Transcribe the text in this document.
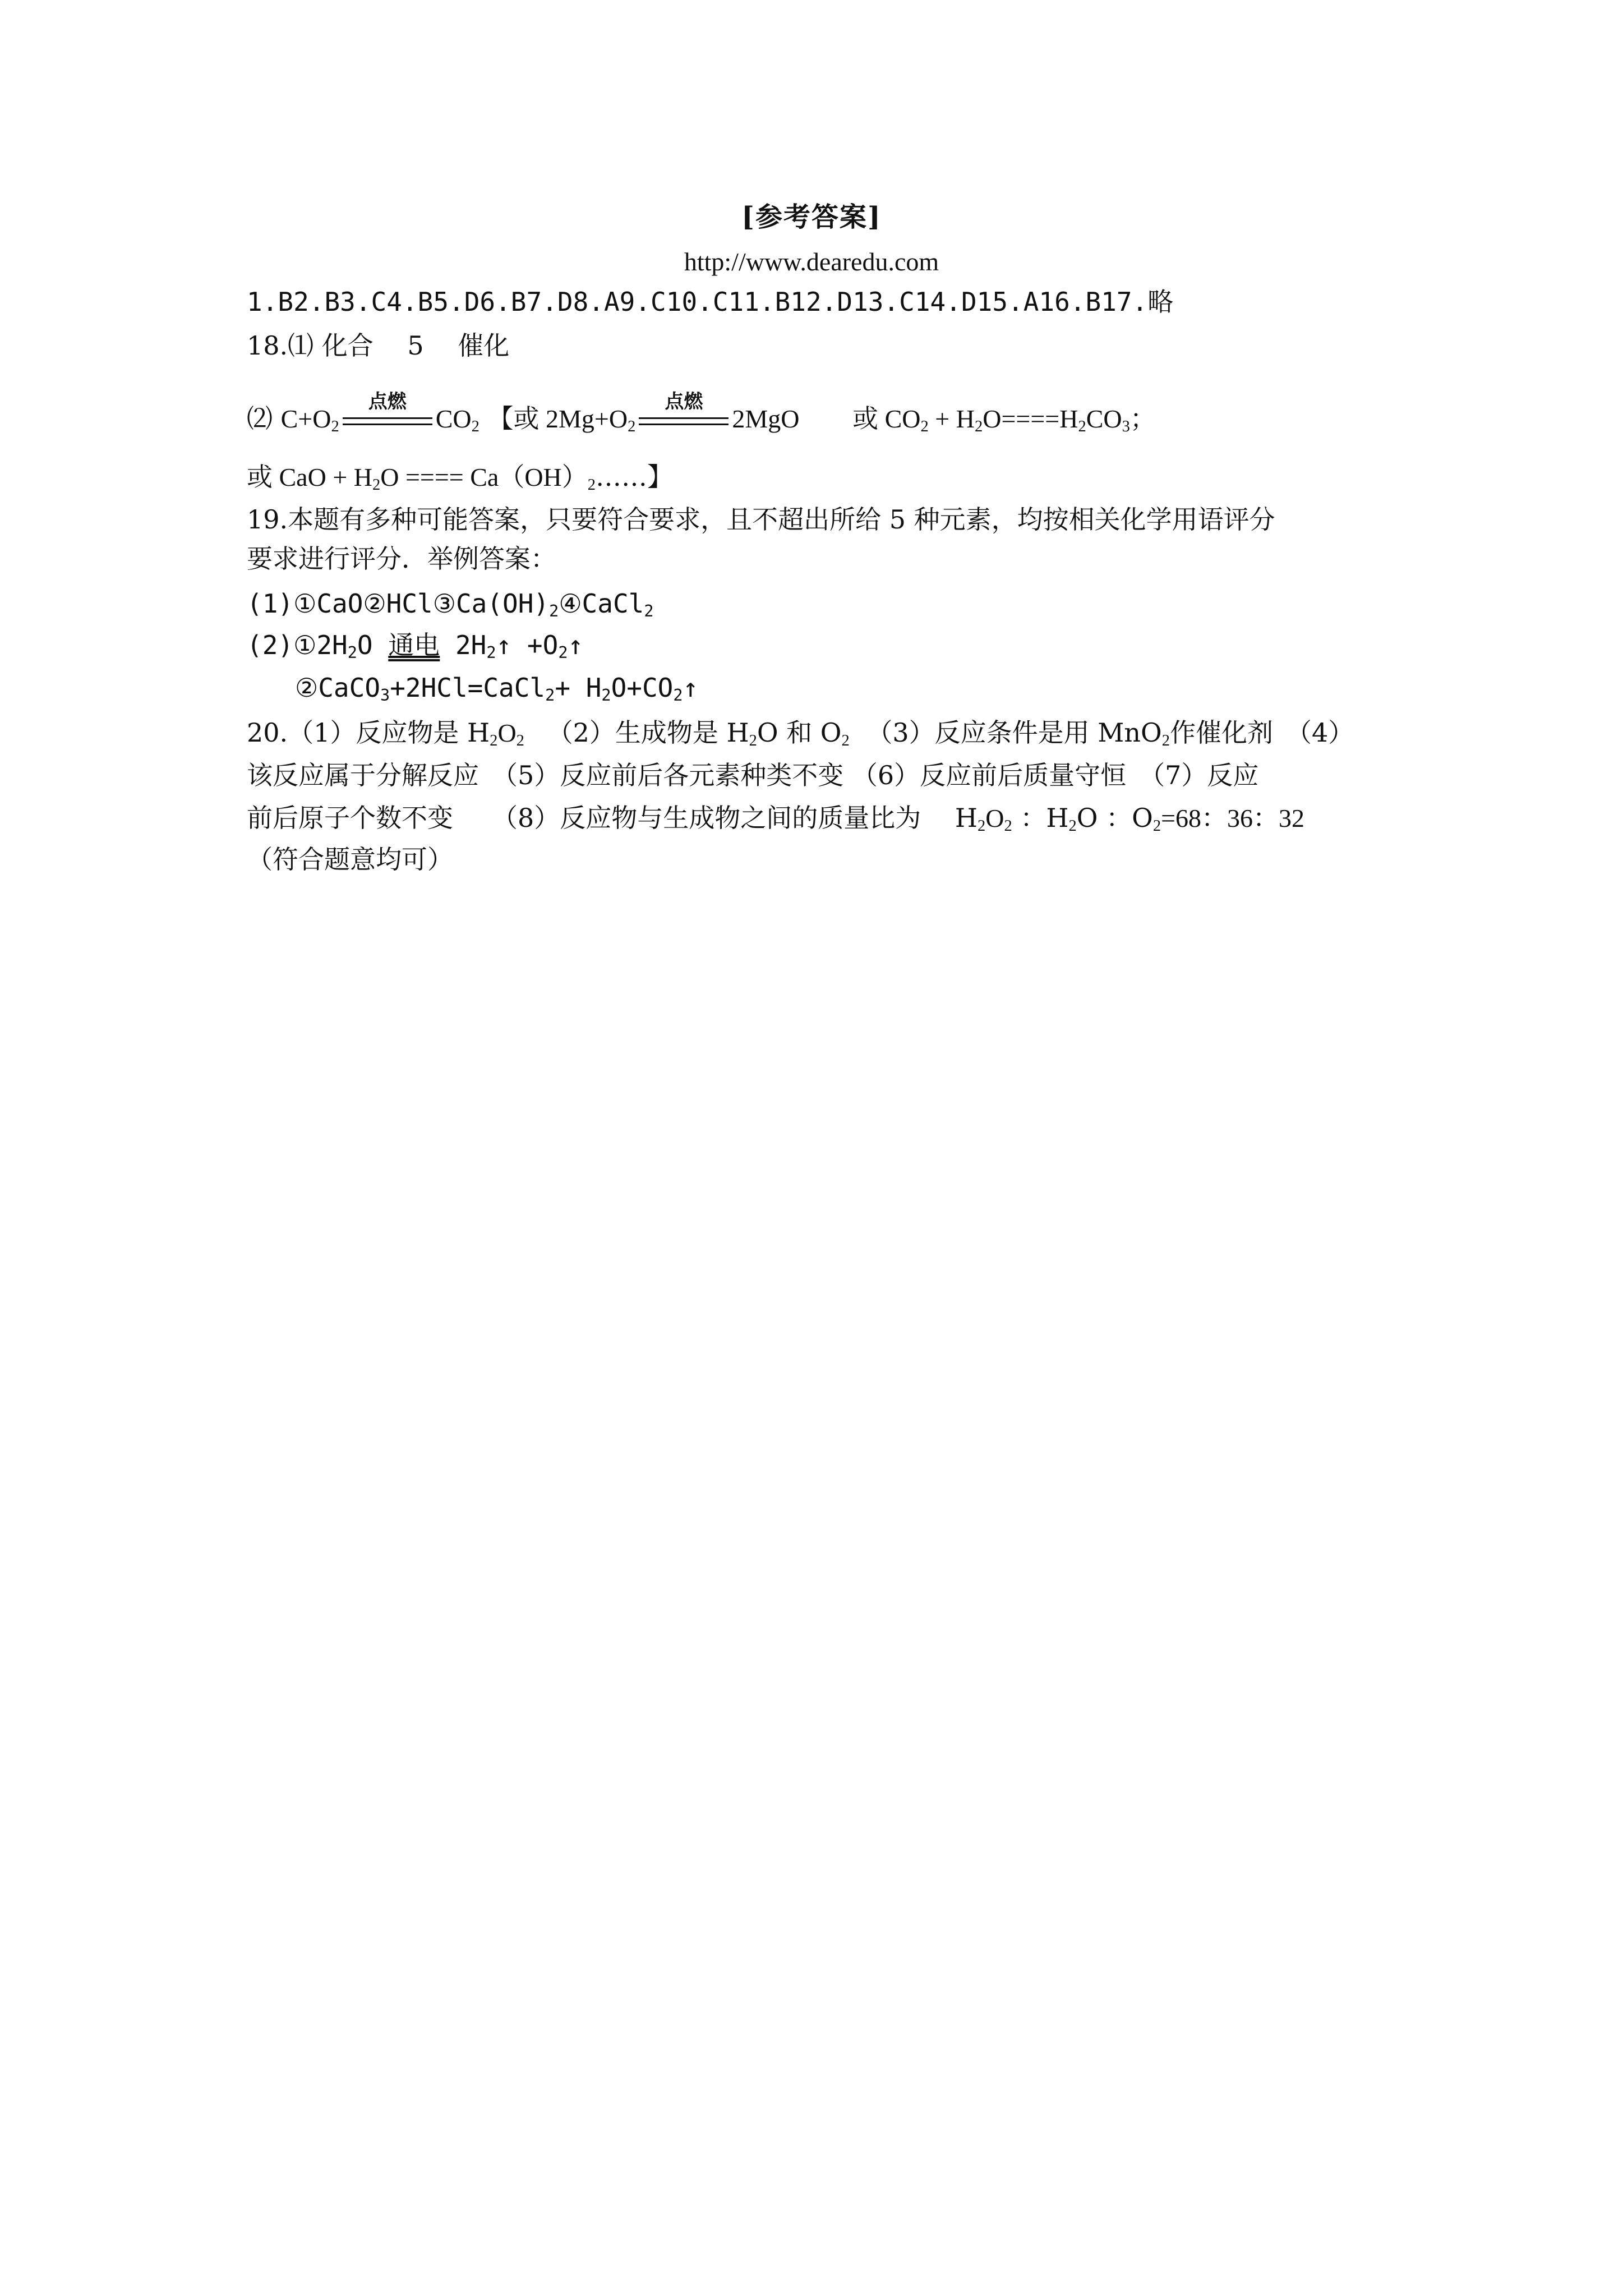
[参考答案]
http://www.dearedu.com
1.B2.B3.C4.B5.D6.B7.D8.A9.C10.C11.B12.D13.C14.D15.A16.B17.略
18.⑴ 化合　 5　 催化
⑵ $C+O_2$
点燃
$CO_2$ 【或 $2Mg+O_2$
点燃
2MgO 或 $CO_2 + H_2O====H_2CO_3$；
或 CaO + $H_2O$ ==== $Ca(OH)_2\dots\dots$】
19.本题有多种可能答案，只要符合要求，且不超出所给 5 种元素，均按相关化学用语评分
要求进行评分．举例答案：
$(1)①CaO②HCl③Ca(OH)_2④CaCl_2$
$(2)①2H_2O$ 通电 $2H_2↑$ $+O_2↑$
②CaCO$_3$+2HCl=CaCl$_2$+ $H_2O+CO_2↑$
20.（1）反应物是 $H_2O_2$ （2）生成物是 $H_2O$ 和 $O_2$ （3）反应条件是用 MnO$_2$作催化剂　（4）
该反应属于分解反应　（5）反应前后各元素种类不变 （6）反应前后质量守恒　（7）反应
前后原子个数不变　　（8）反应物与生成物之间的质量比为　 $H_2O_2$ ：$H_2O$ ：$O_2=68$：36：32
（符合题意均可）
